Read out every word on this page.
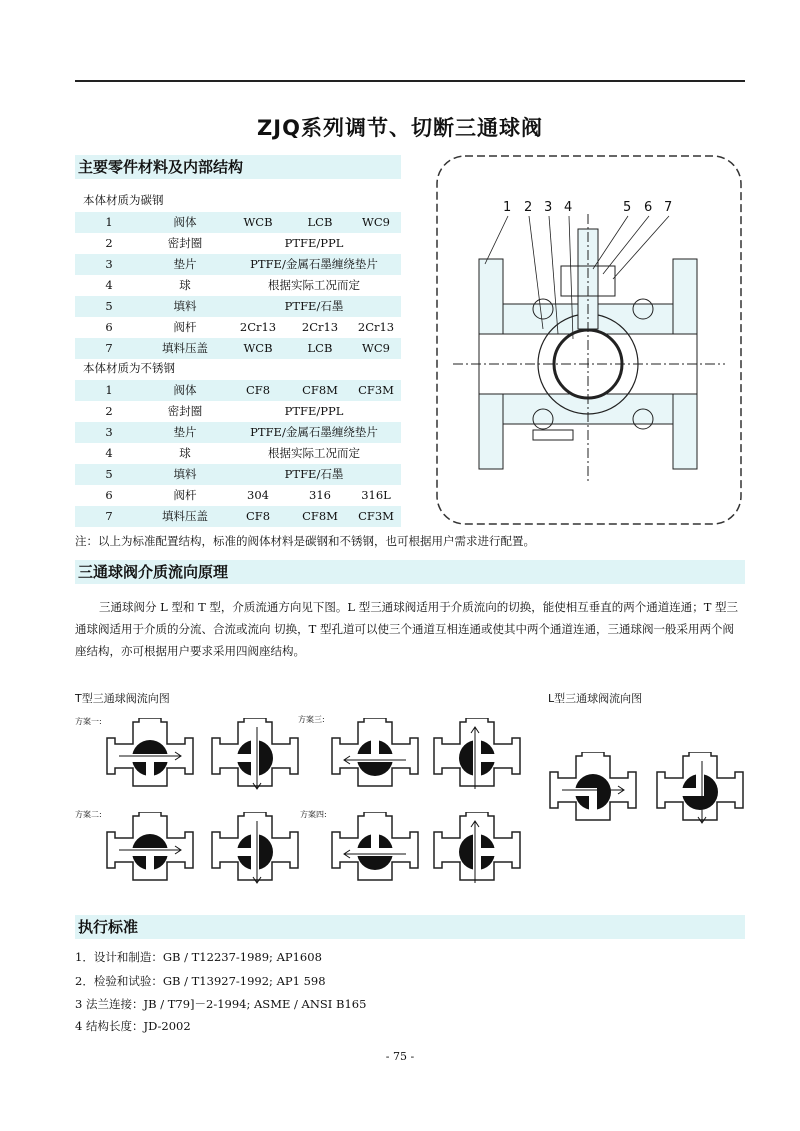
ZJQ系列调节、切断三通球阀
主要零件材料及内部结构
本体材质为碳钢
1	阀体	WCB	LCB	WC9
2	密封圈	PTFE/PPL
3	垫片	PTFE/金属石墨缠绕垫片
4	球	根据实际工况而定
5	填料	PTFE/石墨
6	阀杆	2Cr13	2Cr13	2Cr13
7	填料压盖	WCB	LCB	WC9
本体材质为不锈钢
1	阀体	CF8	CF8M	CF3M
2	密封圈	PTFE/PPL
3	垫片	PTFE/金属石墨缠绕垫片
4	球	根据实际工况而定
5	填料	PTFE/石墨
6	阀杆	304	316	316L
7	填料压盖	CF8	CF8M	CF3M
1 2 3 4	5 6 7
注：以上为标准配置结构，标准的阀体材料是碳钢和不锈钢，也可根据用户需求进行配置。
三通球阀介质流向原理
三通球阀分 L 型和 T 型，介质流通方向见下图。L 型三通球阀适用于介质流向的切换，能使相互垂直的两个通道连通；T 型三通球阀适用于介质的分流、合流或流向 切换，T 型孔道可以使三个通道互相连通或使其中两个通道连通，三通球阀一般采用两个阀座结构，亦可根据用户要求采用四阀座结构。
T型三通球阀流向图	L型三通球阀流向图
方案一:	方案三:
方案二:	方案四:
执行标准
1．设计和制造：GB / T12237-1989; AP1608
2．检验和试验：GB / T13927-1992; AP1 598
3 法兰连接：JB / T79]－2-1994; ASME / ANSI B165
4 结构长度：JD-2002
- 75 -
